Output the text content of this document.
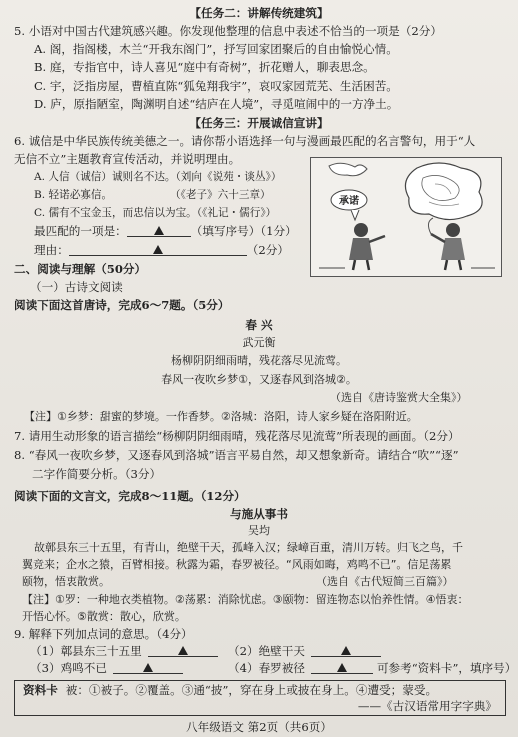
【任务二：讲解传统建筑】
5. 小语对中国古代建筑感兴趣。你发现他整理的信息中表述不恰当的一项是（2分）
A. 阁，指阁楼，木兰“开我东阁门”，抒写回家团聚后的自由愉悦心情。
B. 庭，专指官中，诗人喜见“庭中有奇树”，折花赠人，聊表思念。
C. 宇，泛指房屋，曹植直陈“狐兔翔我宇”，哀叹家园荒芜、生活困苦。
D. 庐，原指陋室，陶渊明自述“结庐在人境”，寻觅喧闹中的一方净土。
【任务三：开展诚信宣讲】
6. 诚信是中华民族传统美德之一。请你帮小语选择一句与漫画最匹配的名言警句，用于“人
无信不立”主题教育宣传活动，并说明理由。
A. 人信（诚信）诚则名不达。（刘向《说苑・谈丛》）
B. 轻诺必寡信。	（《老子》六十三章）
C. 儒有不宝金玉，而忠信以为宝。（《礼记・儒行》）
最匹配的一项是：	（填写序号）（1分）
理由：	（2分）
承诺
二、阅读与理解（50分）
（一）古诗文阅读
阅读下面这首唐诗，完成6～7题。（5分）
春 兴
武元衡
杨柳阴阴细雨晴，残花落尽见流莺。
春风一夜吹乡梦①，又逐春风到洛城②。
（选自《唐诗鉴赏大全集》）
【注】①乡梦：甜蜜的梦境。一作香梦。②洛城：洛阳，诗人家乡疑在洛阳附近。
7. 请用生动形象的语言描绘“杨柳阴阴细雨晴，残花落尽见流莺”所表现的画面。（2分）
8. “春风一夜吹乡梦，又逐春风到洛城”语言平易自然，却又想象新奇。请结合“吹”“逐”
二字作简要分析。（3分）
阅读下面的文言文，完成8～11题。（12分）
与施从事书
吴均
故鄣县东三十五里，有青山，绝壁干天，孤峰入汉；绿嶂百重，清川万转。归飞之鸟，千
翼竞来；企水之猿，百臂相接。秋露为霜，春罗被径。“风雨如晦，鸡鸣不已”。信足荡累
颐物，悟衷散赏。	（选自《古代短简三百篇》）
【注】①罗：一种地衣类植物。②荡累：消除忧虑。③颐物：留连物态以怡养性情。④悟衷：
开悟心怀。⑤散赏：散心，欣赏。
9. 解释下列加点词的意思。（4分）
（1）鄣县东三十五里	（2）绝壁干天
八年级语文 第2页（共6页）
（3）鸡鸣不已	（4）春罗被径	可参考“资料卡”，填序号）
资料卡 被：①被子。②覆盖。③通“披”，穿在身上或披在身上。④遭受；蒙受。
——《古汉语常用字字典》
